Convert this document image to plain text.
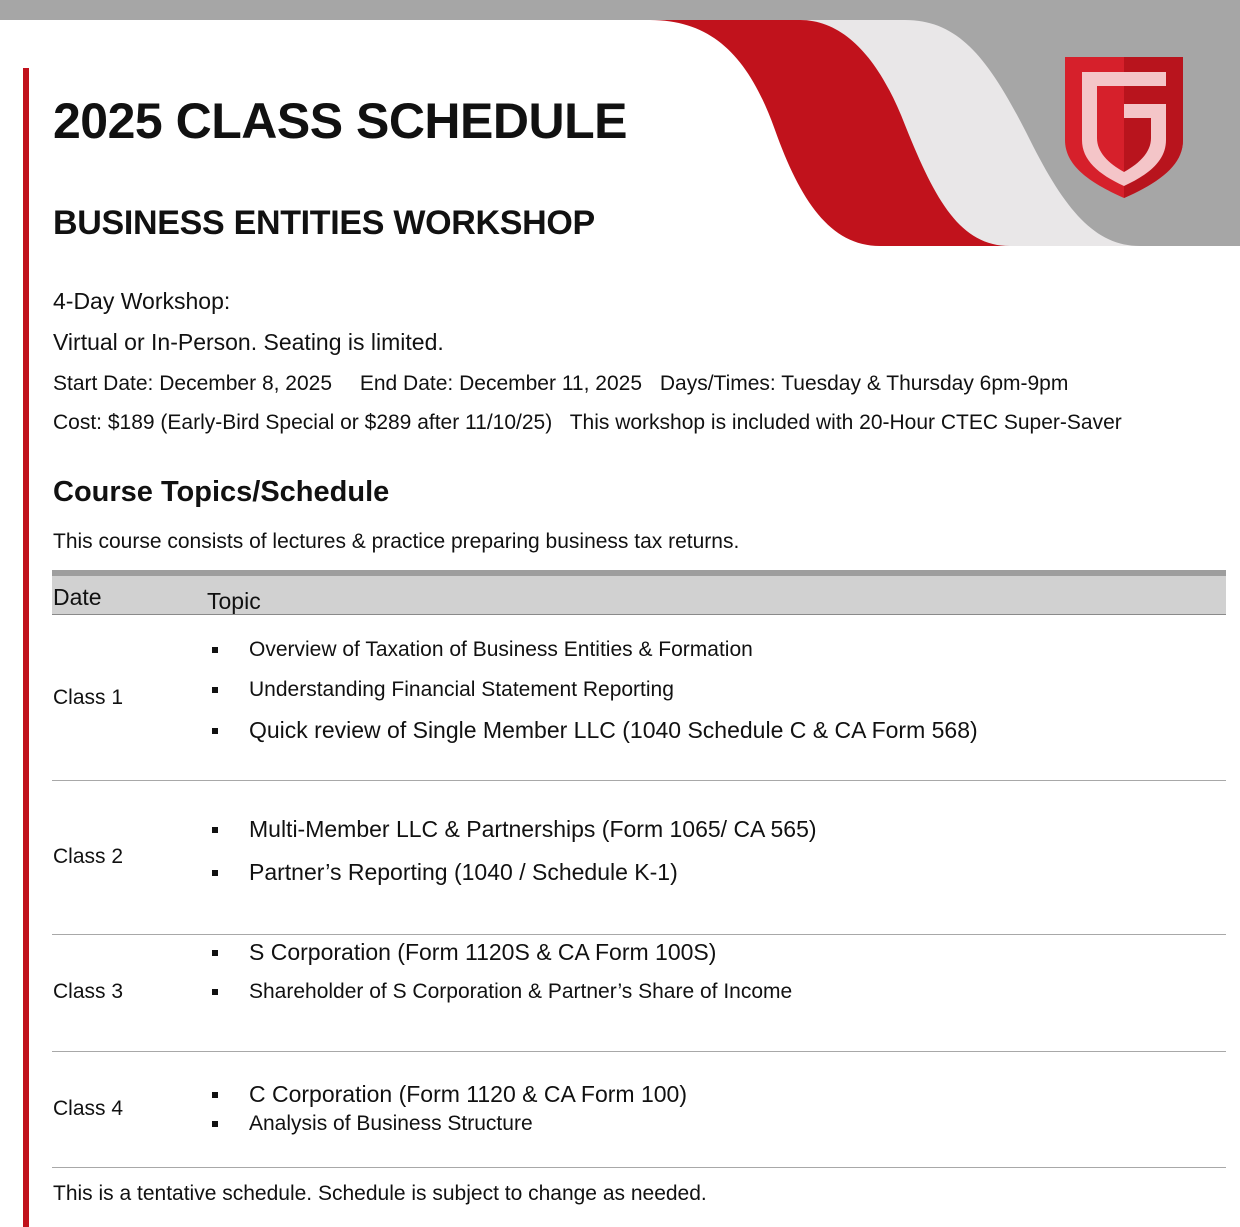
2025 CLASS SCHEDULE
BUSINESS ENTITIES WORKSHOP
4-Day Workshop:
Virtual or In-Person. Seating is limited.
Start Date: December 8, 2025 End Date: December 11, 2025 Days/Times: Tuesday & Thursday 6pm-9pm
Cost: $189 (Early-Bird Special or $289 after 11/10/25) This workshop is included with 20-Hour CTEC Super-Saver
Course Topics/Schedule
This course consists of lectures & practice preparing business tax returns.
Date	Topic
Class 1
Overview of Taxation of Business Entities & Formation
Understanding Financial Statement Reporting
Quick review of Single Member LLC (1040 Schedule C & CA Form 568)
Class 2
Multi-Member LLC & Partnerships (Form 1065/ CA 565)
Partner’s Reporting (1040 / Schedule K-1)
Class 3
S Corporation (Form 1120S & CA Form 100S)
Shareholder of S Corporation & Partner’s Share of Income
Class 4
C Corporation (Form 1120 & CA Form 100)
Analysis of Business Structure
This is a tentative schedule. Schedule is subject to change as needed.
